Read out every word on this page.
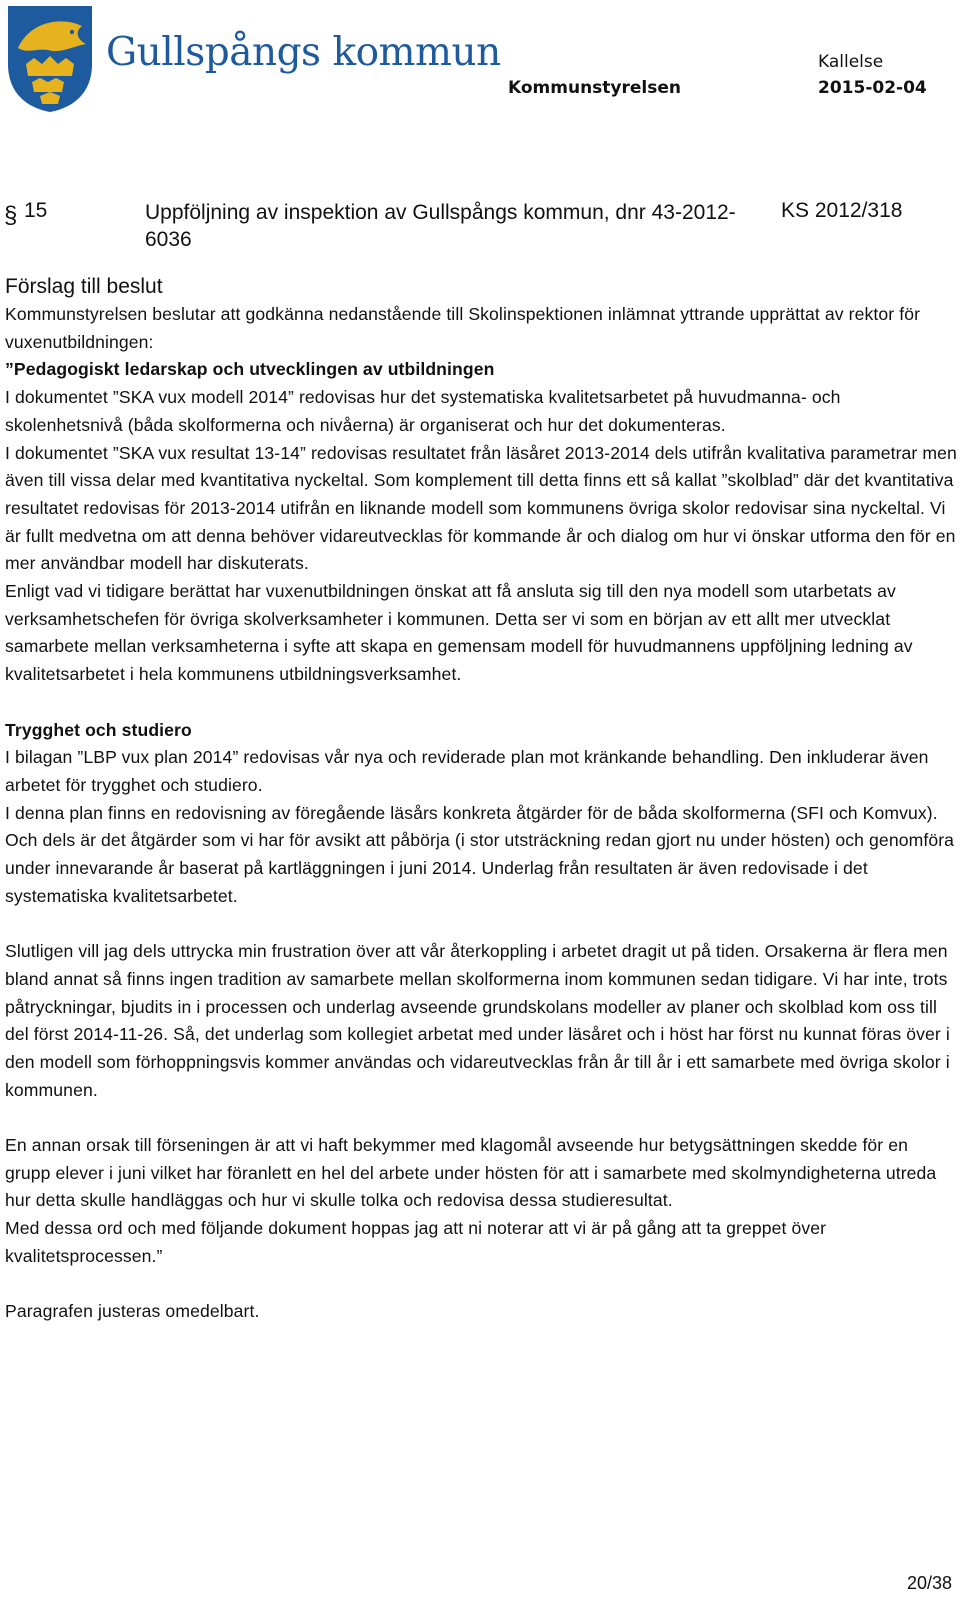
Gullspångs kommun	Kallelse
Kommunstyrelsen	2015-02-04
§ 15	Uppföljning av inspektion av Gullspångs kommun, dnr 43-2012-6036
KS 2012/318
Förslag till beslut

Kommunstyrelsen beslutar att godkänna nedanstående till Skolinspektionen inlämnat yttrande upprättat av rektor för vuxenutbildningen:

”Pedagogiskt ledarskap och utvecklingen av utbildningen

I dokumentet ”SKA vux modell 2014” redovisas hur det systematiska kvalitetsarbetet på huvudmanna- och skolenhetsnivå (båda skolformerna och nivåerna) är organiserat och hur det dokumenteras.

I dokumentet ”SKA vux resultat 13-14” redovisas resultatet från läsåret 2013-2014 dels utifrån kvalitativa parametrar men även till vissa delar med kvantitativa nyckeltal. Som komplement till detta finns ett så kallat ”skolblad” där det kvantitativa resultatet redovisas för 2013-2014 utifrån en liknande modell som kommunens övriga skolor redovisar sina nyckeltal. Vi är fullt medvetna om att denna behöver vidareutvecklas för kommande år och dialog om hur vi önskar utforma den för en mer användbar modell har diskuterats.

Enligt vad vi tidigare berättat har vuxenutbildningen önskat att få ansluta sig till den nya modell som utarbetats av verksamhetschefen för övriga skolverksamheter i kommunen. Detta ser vi som en början av ett allt mer utvecklat samarbete mellan verksamheterna i syfte att skapa en gemensam modell för huvudmannens uppföljning ledning av kvalitetsarbetet i hela kommunens utbildningsverksamhet.

Trygghet och studiero

I bilagan ”LBP vux plan 2014” redovisas vår nya och reviderade plan mot kränkande behandling. Den inkluderar även arbetet för trygghet och studiero.

I denna plan finns en redovisning av föregående läsårs konkreta åtgärder för de båda skolformerna (SFI och Komvux). Och dels är det åtgärder som vi har för avsikt att påbörja (i stor utsträckning redan gjort nu under hösten) och genomföra under innevarande år baserat på kartläggningen i juni 2014. Underlag från resultaten är även redovisade i det systematiska kvalitetsarbetet.

Slutligen vill jag dels uttrycka min frustration över att vår återkoppling i arbetet dragit ut på tiden. Orsakerna är flera men bland annat så finns ingen tradition av samarbete mellan skolformerna inom kommunen sedan tidigare. Vi har inte, trots påtryckningar, bjudits in i processen och underlag avseende grundskolans modeller av planer och skolblad kom oss till del först 2014-11-26. Så, det underlag som kollegiet arbetat med under läsåret och i höst har först nu kunnat föras över i den modell som förhoppningsvis kommer användas och vidareutvecklas från år till år i ett samarbete med övriga skolor i kommunen.

En annan orsak till förseningen är att vi haft bekymmer med klagomål avseende hur betygsättningen skedde för en grupp elever i juni vilket har föranlett en hel del arbete under hösten för att i samarbete med skolmyndigheterna utreda hur detta skulle handläggas och hur vi skulle tolka och redovisa dessa studieresultat.

Med dessa ord och med följande dokument hoppas jag att ni noterar att vi är på gång att ta greppet över kvalitetsprocessen.”

Paragrafen justeras omedelbart.

20/38
